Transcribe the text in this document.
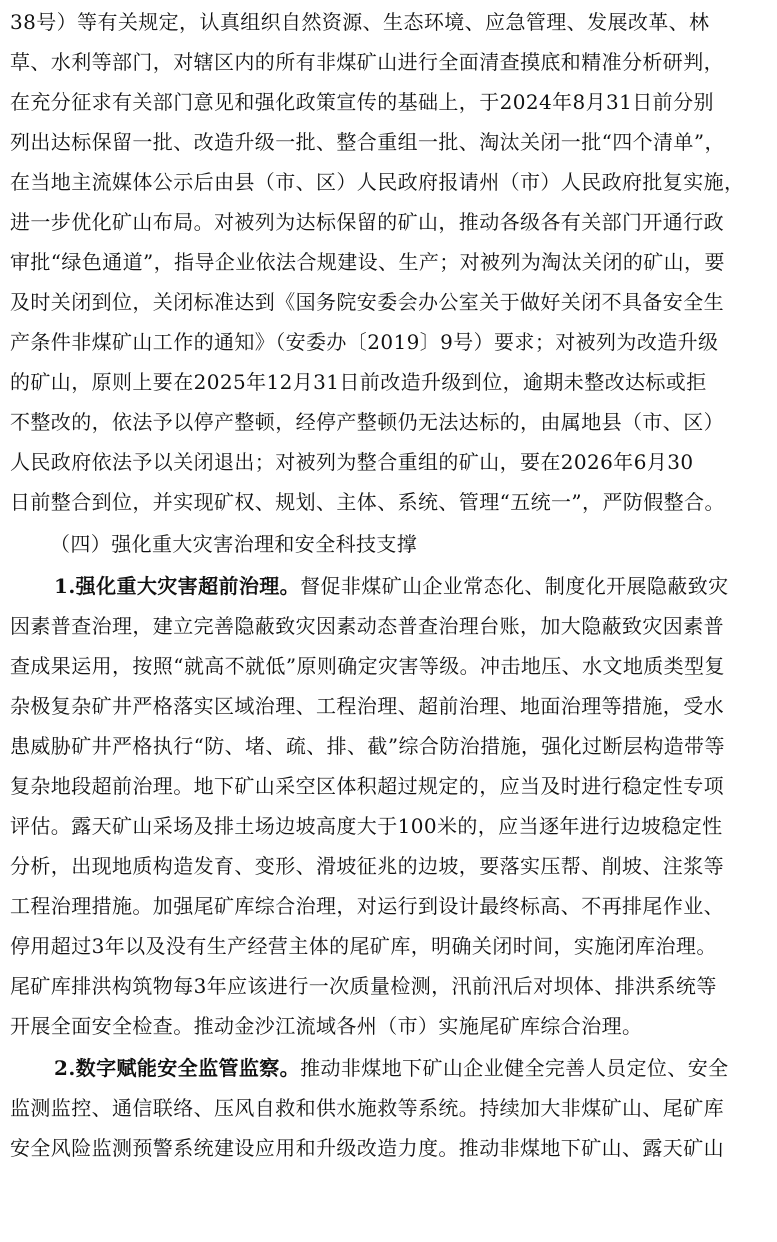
38号）等有关规定，认真组织自然资源、生态环境、应急管理、发展改革、林
草、水利等部门，对辖区内的所有非煤矿山进行全面清查摸底和精准分析研判，
在充分征求有关部门意见和强化政策宣传的基础上，于2024年8月31日前分别
列出达标保留一批、改造升级一批、整合重组一批、淘汰关闭一批“四个清单”，
在当地主流媒体公示后由县（市、区）人民政府报请州（市）人民政府批复实施，
进一步优化矿山布局。对被列为达标保留的矿山，推动各级各有关部门开通行政
审批“绿色通道”，指导企业依法合规建设、生产；对被列为淘汰关闭的矿山，要
及时关闭到位，关闭标准达到《国务院安委会办公室关于做好关闭不具备安全生
产条件非煤矿山工作的通知》（安委办〔2019〕9号）要求；对被列为改造升级
的矿山，原则上要在2025年12月31日前改造升级到位，逾期未整改达标或拒
不整改的，依法予以停产整顿，经停产整顿仍无法达标的，由属地县（市、区）
人民政府依法予以关闭退出；对被列为整合重组的矿山，要在2026年6月30
日前整合到位，并实现矿权、规划、主体、系统、管理“五统一”，严防假整合。
（四）强化重大灾害治理和安全科技支撑
1.强化重大灾害超前治理。督促非煤矿山企业常态化、制度化开展隐蔽致灾
因素普查治理，建立完善隐蔽致灾因素动态普查治理台账，加大隐蔽致灾因素普
查成果运用，按照“就高不就低”原则确定灾害等级。冲击地压、水文地质类型复
杂极复杂矿井严格落实区域治理、工程治理、超前治理、地面治理等措施，受水
患威胁矿井严格执行“防、堵、疏、排、截”综合防治措施，强化过断层构造带等
复杂地段超前治理。地下矿山采空区体积超过规定的，应当及时进行稳定性专项
评估。露天矿山采场及排土场边坡高度大于100米的，应当逐年进行边坡稳定性
分析，出现地质构造发育、变形、滑坡征兆的边坡，要落实压帮、削坡、注浆等
工程治理措施。加强尾矿库综合治理，对运行到设计最终标高、不再排尾作业、
停用超过3年以及没有生产经营主体的尾矿库，明确关闭时间，实施闭库治理。
尾矿库排洪构筑物每3年应该进行一次质量检测，汛前汛后对坝体、排洪系统等
开展全面安全检查。推动金沙江流域各州（市）实施尾矿库综合治理。
2.数字赋能安全监管监察。推动非煤地下矿山企业健全完善人员定位、安全
监测监控、通信联络、压风自救和供水施救等系统。持续加大非煤矿山、尾矿库
安全风险监测预警系统建设应用和升级改造力度。推动非煤地下矿山、露天矿山
